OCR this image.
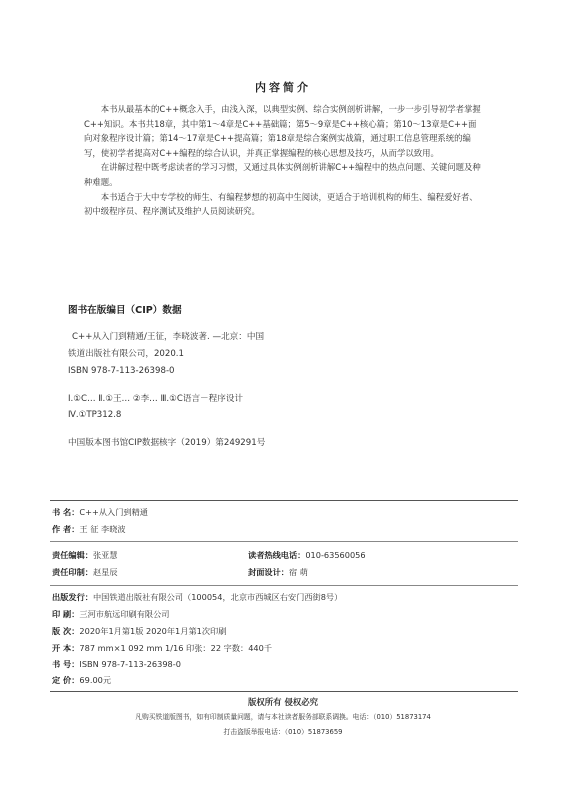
内容简介

本书从最基本的C++概念入手，由浅入深，以典型实例、综合实例剖析讲解，一步一步引导初学者掌握C++知识。本书共18章，其中第1～4章是C++基础篇；第5～9章是C++核心篇；第10～13章是C++面向对象程序设计篇；第14～17章是C++提高篇；第18章是综合案例实战篇，通过职工信息管理系统的编写，使初学者提高对C++编程的综合认识，并真正掌握编程的核心思想及技巧，从而学以致用。

在讲解过程中既考虑读者的学习习惯，又通过具体实例剖析讲解C++编程中的热点问题、关键问题及种种难题。

本书适合于大中专学校的师生、有编程梦想的初高中生阅读，更适合于培训机构的师生、编程爱好者、初中级程序员、程序测试及维护人员阅读研究。

图书在版编目（CIP）数据
C++从入门到精通/王征，李晓波著. —北京：中国
铁道出版社有限公司，2020.1
ISBN 978-7-113-26398-0
Ⅰ.①C… Ⅱ.①王… ②李… Ⅲ.①C语言－程序设计
Ⅳ.①TP312.8
中国版本图书馆CIP数据核字（2019）第249291号
书 名：C++从入门到精通
作 者：王 征 李晓波
责任编辑：张亚慧	读者热线电话：010-63560056
责任印制：赵星辰	封面设计：宿 萌
出版发行：中国铁道出版社有限公司（100054，北京市西城区右安门西街8号）
印 刷：三河市航远印刷有限公司
版 次：2020年1月第1版 2020年1月第1次印刷
开 本：787 mm×1 092 mm 1/16 印张：22 字数：440千
书 号：ISBN 978-7-113-26398-0
定 价：69.00元
版权所有 侵权必究
凡购买铁道版图书，如有印制质量问题，请与本社读者服务部联系调换。电话：（010）51873174
打击盗版举报电话：（010）51873659
